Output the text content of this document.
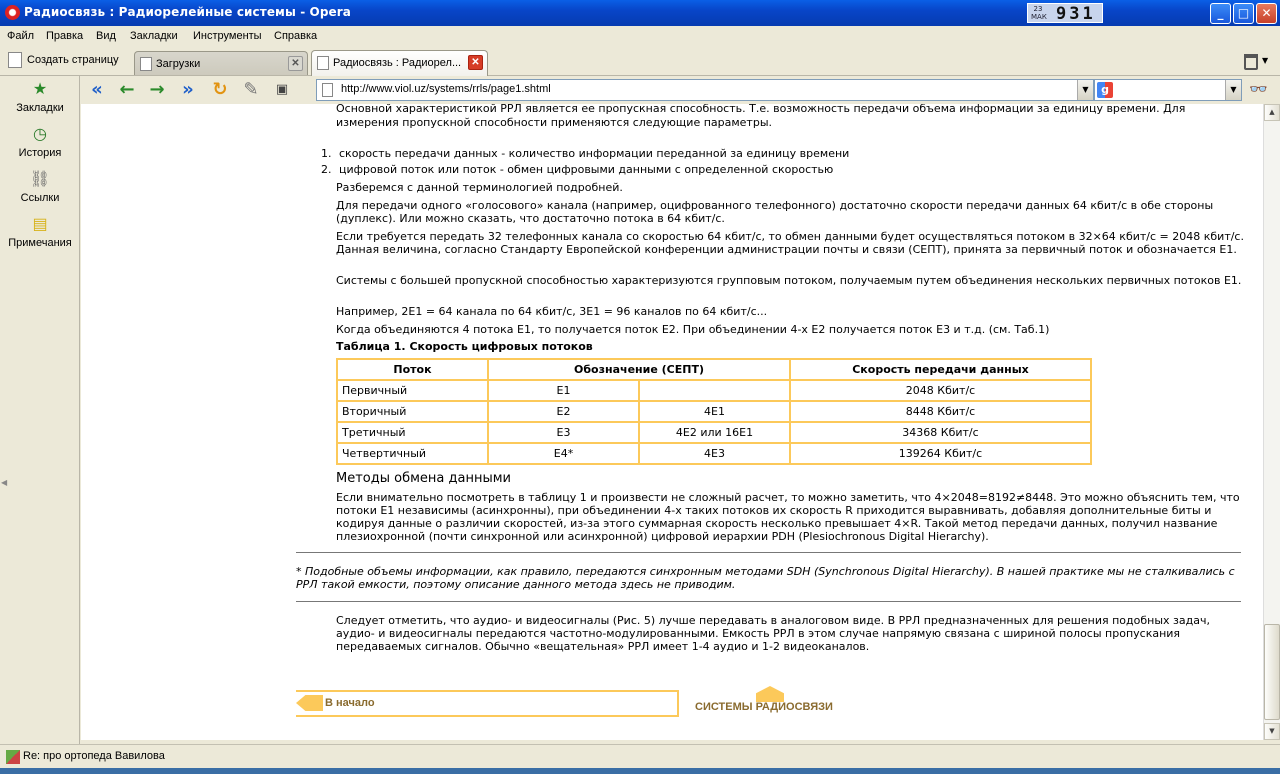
Радиосвязь : Радиорелейные системы - Opera	23 МАК 931	_	□	✕
Файл Правка Вид Закладки Инструменты Справка
Создать страницу	Загрузки	✕	Радиосвязь : Радиорел...	✕	▼
« ← → » ↻ ✎	▣	http://www.viol.uz/systems/rrls/page1.shtml	▼	g	▼ 👓
★
Закладки
◷
История
⛓
Ссылки
▤
Примечания
◀
Основной характеристикой РРЛ является ее пропускная способность. Т.е. возможность передачи объема информации за единицу времени. Для
измерения пропускной способности применяются следующие параметры.
1. скорость передачи данных - количество информации переданной за единицу времени
2. цифровой поток или поток - обмен цифровыми данными с определенной скоростью
Разберемся с данной терминологией подробней.
Для передачи одного «голосового» канала (например, оцифрованного телефонного) достаточно скорости передачи данных 64 кбит/с в обе стороны (дуплекс). Или можно сказать, что достаточно потока в 64 кбит/с.
Если требуется передать 32 телефонных канала со скоростью 64 кбит/с, то обмен данными будет осуществляться потоком в 32×64 кбит/с = 2048 кбит/с. Данная величина, согласно Стандарту Европейской конференции администрации почты и связи (СЕПТ), принята за первичный поток и обозначается Е1.
Системы с большей пропускной способностью характеризуются групповым потоком, получаемым путем объединения нескольких первичных потоков Е1.
Например, 2Е1 = 64 канала по 64 кбит/с, 3Е1 = 96 каналов по 64 кбит/с...
Когда объединяются 4 потока Е1, то получается поток Е2. При объединении 4-х Е2 получается поток Е3 и т.д. (см. Таб.1)
Таблица 1. Скорость цифровых потоков
Поток	Обозначение (СЕПТ)		Скорость передачи данных
Первичный	Е1		2048 Кбит/с
Вторичный	Е2	4Е1	8448 Кбит/с
Третичный	Е3	4Е2 или 16Е1	34368 Кбит/с
Четвертичный	Е4*	4Е3	139264 Кбит/с
Методы обмена данными
Если внимательно посмотреть в таблицу 1 и произвести не сложный расчет, то можно заметить, что 4×2048=8192≠8448. Это можно объяснить тем, что потоки Е1 независимы (асинхронны), при объединении 4-х таких потоков их скорость R приходится выравнивать, добавляя дополнительные биты и кодируя данные о различии скоростей, из-за этого суммарная скорость несколько превышает 4×R. Такой метод передачи данных, получил название плезиохронной (почти синхронной или асинхронной) цифровой иерархии PDH (Plesiochronous Digital Hierarchy).
* Подобные объемы информации, как правило, передаются синхронным методами SDH (Synchronous Digital Hierarchy). В нашей практике мы не сталкивались с РРЛ такой емкости, поэтому описание данного метода здесь не приводим.
Следует отметить, что аудио- и видеосигналы (Рис. 5) лучше передавать в аналоговом виде. В РРЛ предназначенных для решения подобных задач, аудио- и видеосигналы передаются частотно-модулированными. Емкость РРЛ в этом случае напрямую связана с шириной полосы пропускания передаваемых сигналов. Обычно «вещательная» РРЛ имеет 1-4 аудио и 1-2 видеоканалов.
В начало	СИСТЕМЫ РАДИОСВЯЗИ
▲
▼
Re: про ортопеда Вавилова
